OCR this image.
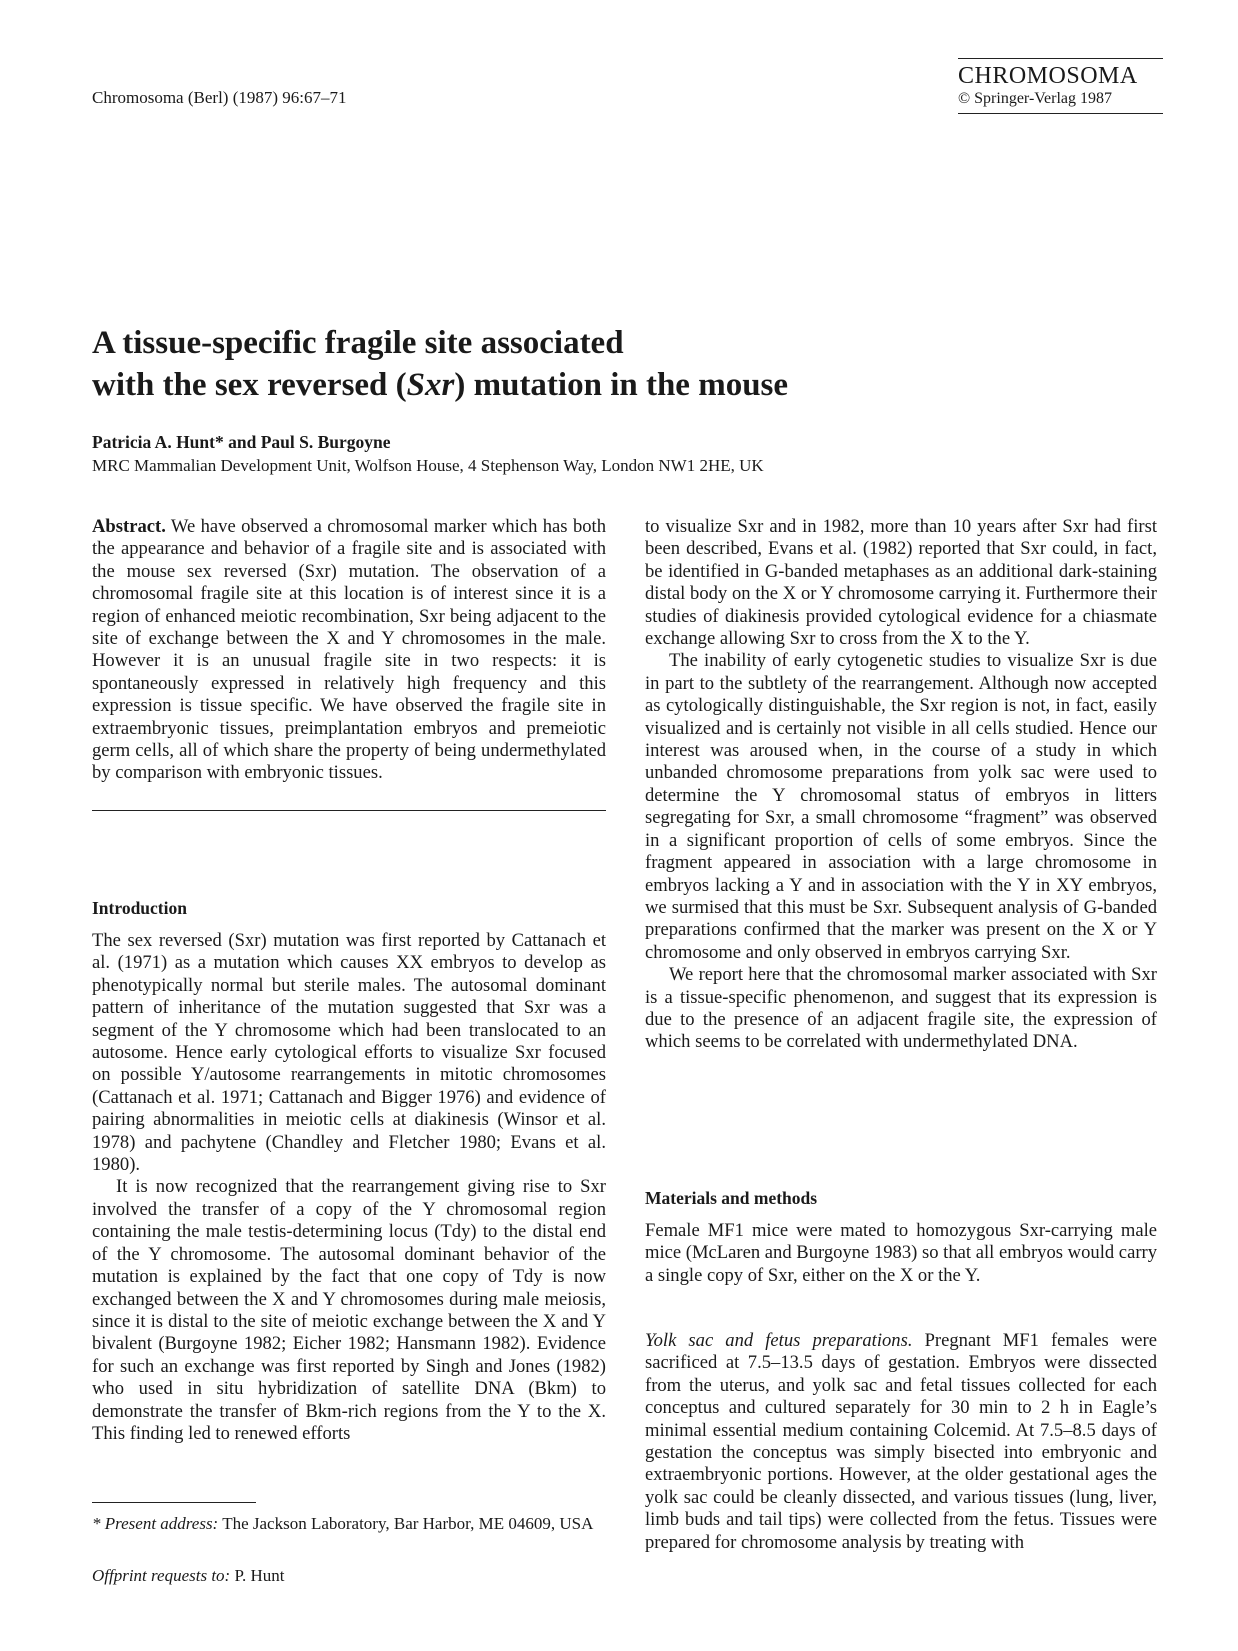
Chromosoma (Berl) (1987) 96:67–71
CHROMOSOMA
© Springer-Verlag 1987
A tissue-specific fragile site associated
with the sex reversed (Sxr) mutation in the mouse
Patricia A. Hunt* and Paul S. Burgoyne
MRC Mammalian Development Unit, Wolfson House, 4 Stephenson Way, London NW1 2HE, UK

Abstract. We have observed a chromosomal marker which has both the appearance and behavior of a fragile site and is associated with the mouse sex reversed (Sxr) mutation. The observation of a chromosomal fragile site at this location is of interest since it is a region of enhanced meiotic recombination, Sxr being adjacent to the site of exchange between the X and Y chromosomes in the male. However it is an unusual fragile site in two respects: it is spontaneously expressed in relatively high frequency and this expression is tissue specific. We have observed the fragile site in extraembryonic tissues, preimplantation embryos and premeiotic germ cells, all of which share the property of being undermethylated by comparison with embryonic tissues.

Introduction

The sex reversed (Sxr) mutation was first reported by Cattanach et al. (1971) as a mutation which causes XX embryos to develop as phenotypically normal but sterile males. The autosomal dominant pattern of inheritance of the mutation suggested that Sxr was a segment of the Y chromosome which had been translocated to an autosome. Hence early cytological efforts to visualize Sxr focused on possible Y/autosome rearrangements in mitotic chromosomes (Cattanach et al. 1971; Cattanach and Bigger 1976) and evidence of pairing abnormalities in meiotic cells at diakinesis (Winsor et al. 1978) and pachytene (Chandley and Fletcher 1980; Evans et al. 1980).

It is now recognized that the rearrangement giving rise to Sxr involved the transfer of a copy of the Y chromosomal region containing the male testis-determining locus (Tdy) to the distal end of the Y chromosome. The autosomal dominant behavior of the mutation is explained by the fact that one copy of Tdy is now exchanged between the X and Y chromosomes during male meiosis, since it is distal to the site of meiotic exchange between the X and Y bivalent (Burgoyne 1982; Eicher 1982; Hansmann 1982). Evidence for such an exchange was first reported by Singh and Jones (1982) who used in situ hybridization of satellite DNA (Bkm) to demonstrate the transfer of Bkm-rich regions from the Y to the X. This finding led to renewed efforts

* Present address: The Jackson Laboratory, Bar Harbor, ME 04609, USA
Offprint requests to: P. Hunt

to visualize Sxr and in 1982, more than 10 years after Sxr had first been described, Evans et al. (1982) reported that Sxr could, in fact, be identified in G-banded metaphases as an additional dark-staining distal body on the X or Y chromosome carrying it. Furthermore their studies of diakinesis provided cytological evidence for a chiasmate exchange allowing Sxr to cross from the X to the Y.

The inability of early cytogenetic studies to visualize Sxr is due in part to the subtlety of the rearrangement. Although now accepted as cytologically distinguishable, the Sxr region is not, in fact, easily visualized and is certainly not visible in all cells studied. Hence our interest was aroused when, in the course of a study in which unbanded chromosome preparations from yolk sac were used to determine the Y chromosomal status of embryos in litters segregating for Sxr, a small chromosome “fragment” was observed in a significant proportion of cells of some embryos. Since the fragment appeared in association with a large chromosome in embryos lacking a Y and in association with the Y in XY embryos, we surmised that this must be Sxr. Subsequent analysis of G-banded preparations confirmed that the marker was present on the X or Y chromosome and only observed in embryos carrying Sxr.

We report here that the chromosomal marker associated with Sxr is a tissue-specific phenomenon, and suggest that its expression is due to the presence of an adjacent fragile site, the expression of which seems to be correlated with undermethylated DNA.

Materials and methods

Female MF1 mice were mated to homozygous Sxr-carrying male mice (McLaren and Burgoyne 1983) so that all embryos would carry a single copy of Sxr, either on the X or the Y.

Yolk sac and fetus preparations. Pregnant MF1 females were sacrificed at 7.5–13.5 days of gestation. Embryos were dissected from the uterus, and yolk sac and fetal tissues collected for each conceptus and cultured separately for 30 min to 2 h in Eagle’s minimal essential medium containing Colcemid. At 7.5–8.5 days of gestation the conceptus was simply bisected into embryonic and extraembryonic portions. However, at the older gestational ages the yolk sac could be cleanly dissected, and various tissues (lung, liver, limb buds and tail tips) were collected from the fetus. Tissues were prepared for chromosome analysis by treating with
